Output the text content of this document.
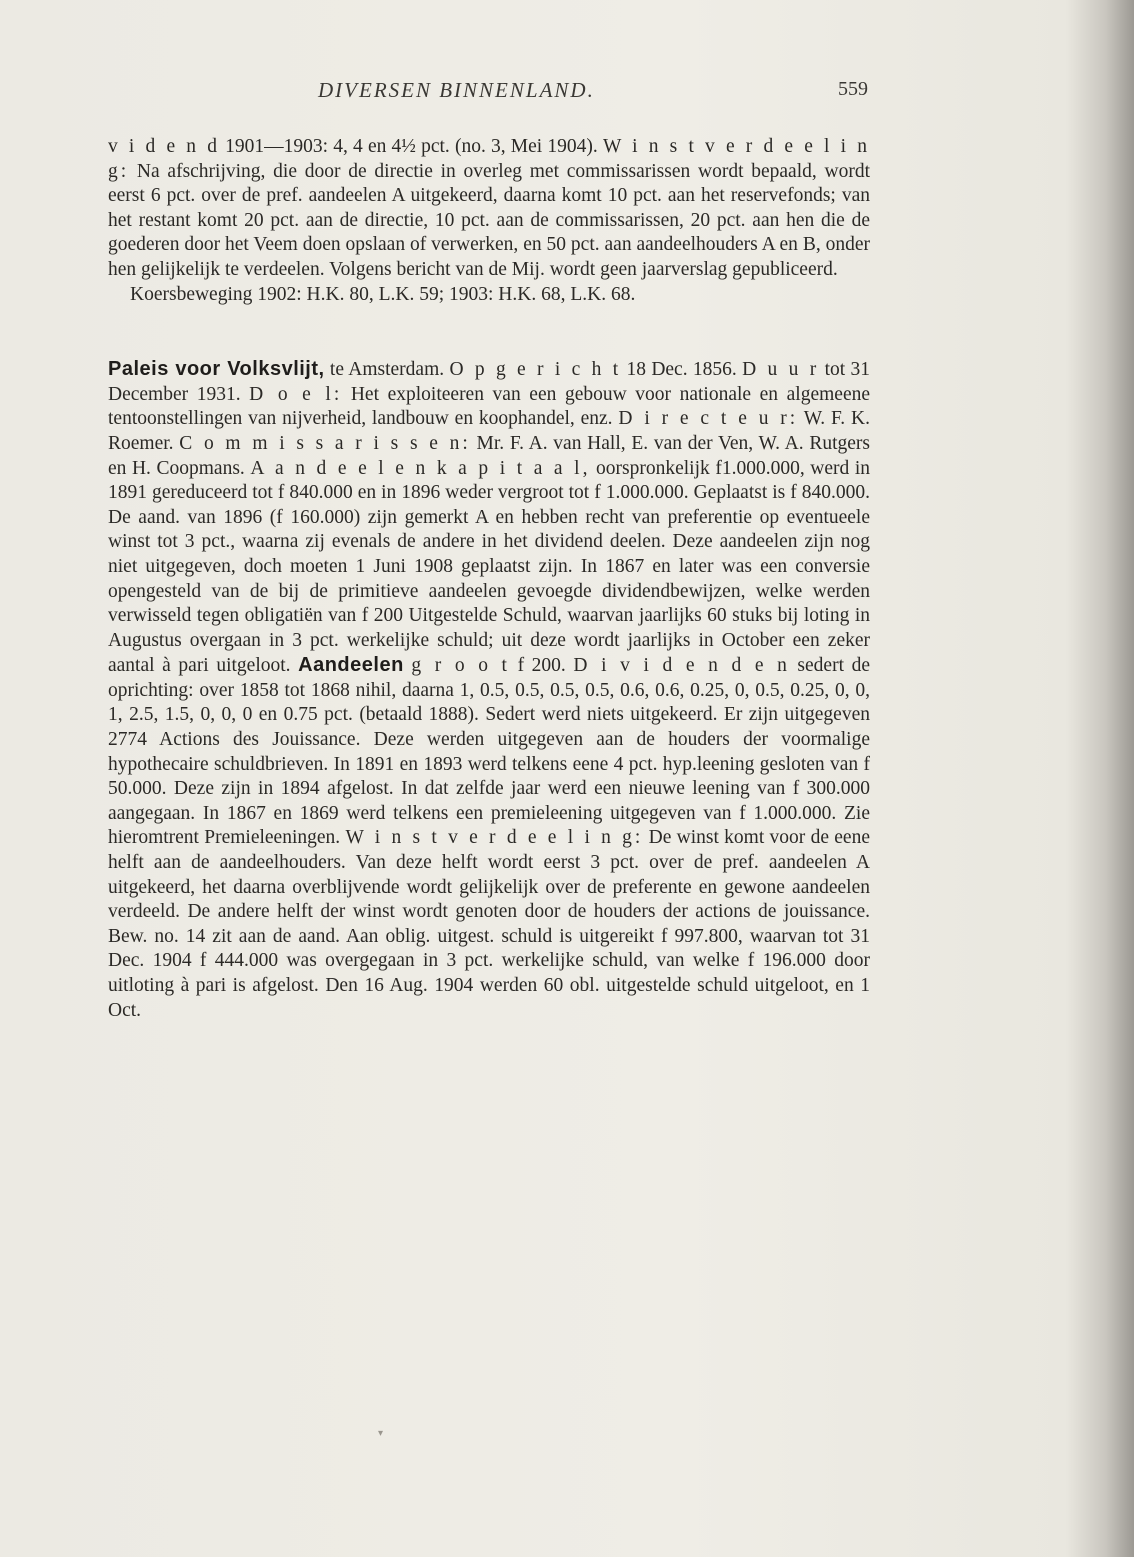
DIVERSEN BINNENLAND.	559

v i d e n d 1901—1903: 4, 4 en 4½ pct. (no. 3, Mei 1904). W i n s t v e r d e e l i n g: Na afschrijving, die door de directie in overleg met commissarissen wordt bepaald, wordt eerst 6 pct. over de pref. aandeelen A uitgekeerd, daarna komt 10 pct. aan het reservefonds; van het restant komt 20 pct. aan de directie, 10 pct. aan de commissarissen, 20 pct. aan hen die de goederen door het Veem doen opslaan of verwerken, en 50 pct. aan aandeelhouders A en B, onder hen gelijkelijk te verdeelen. Volgens bericht van de Mij. wordt geen jaarverslag gepubliceerd.

Koersbeweging 1902: H.K. 80, L.K. 59; 1903: H.K. 68, L.K. 68.

Paleis voor Volksvlijt, te Amsterdam. O p g e r i c h t 18 Dec. 1856. D u u r tot 31 December 1931. D o e l: Het exploiteeren van een gebouw voor nationale en algemeene tentoonstellingen van nijverheid, landbouw en koophandel, enz. D i r e c t e u r: W. F. K. Roemer. C o m m i s s a r i s s e n: Mr. F. A. van Hall, E. van der Ven, W. A. Rutgers en H. Coopmans. A a n d e e l e n k a p i t a a l, oorspronkelijk f1.000.000, werd in 1891 gereduceerd tot f 840.000 en in 1896 weder vergroot tot f 1.000.000. Geplaatst is f 840.000. De aand. van 1896 (f 160.000) zijn gemerkt A en hebben recht van preferentie op eventueele winst tot 3 pct., waarna zij evenals de andere in het dividend deelen. Deze aandeelen zijn nog niet uitgegeven, doch moeten 1 Juni 1908 geplaatst zijn. In 1867 en later was een conversie opengesteld van de bij de primitieve aandeelen gevoegde dividendbewijzen, welke werden verwisseld tegen obligatiën van f 200 Uitgestelde Schuld, waarvan jaarlijks 60 stuks bij loting in Augustus overgaan in 3 pct. werkelijke schuld; uit deze wordt jaarlijks in October een zeker aantal à pari uitgeloot. Aandeelen g r o o t f 200. D i v i d e n d e n sedert de oprichting: over 1858 tot 1868 nihil, daarna 1, 0.5, 0.5, 0.5, 0.5, 0.6, 0.6, 0.25, 0, 0.5, 0.25, 0, 0, 1, 2.5, 1.5, 0, 0, 0 en 0.75 pct. (betaald 1888). Sedert werd niets uitgekeerd. Er zijn uitgegeven 2774 Actions des Jouissance. Deze werden uitgegeven aan de houders der voormalige hypothecaire schuldbrieven. In 1891 en 1893 werd telkens eene 4 pct. hyp.leening gesloten van f 50.000. Deze zijn in 1894 afgelost. In dat zelfde jaar werd een nieuwe leening van f 300.000 aangegaan. In 1867 en 1869 werd telkens een premieleening uitgegeven van f 1.000.000. Zie hieromtrent Premieleeningen. W i n s t v e r d e e l i n g: De winst komt voor de eene helft aan de aandeelhouders. Van deze helft wordt eerst 3 pct. over de pref. aandeelen A uitgekeerd, het daarna overblijvende wordt gelijkelijk over de preferente en gewone aandeelen verdeeld. De andere helft der winst wordt genoten door de houders der actions de jouissance. Bew. no. 14 zit aan de aand. Aan oblig. uitgest. schuld is uitgereikt f 997.800, waarvan tot 31 Dec. 1904 f 444.000 was overgegaan in 3 pct. werkelijke schuld, van welke f 196.000 door uitloting à pari is afgelost. Den 16 Aug. 1904 werden 60 obl. uitgestelde schuld uitgeloot, en 1 Oct.

▾
